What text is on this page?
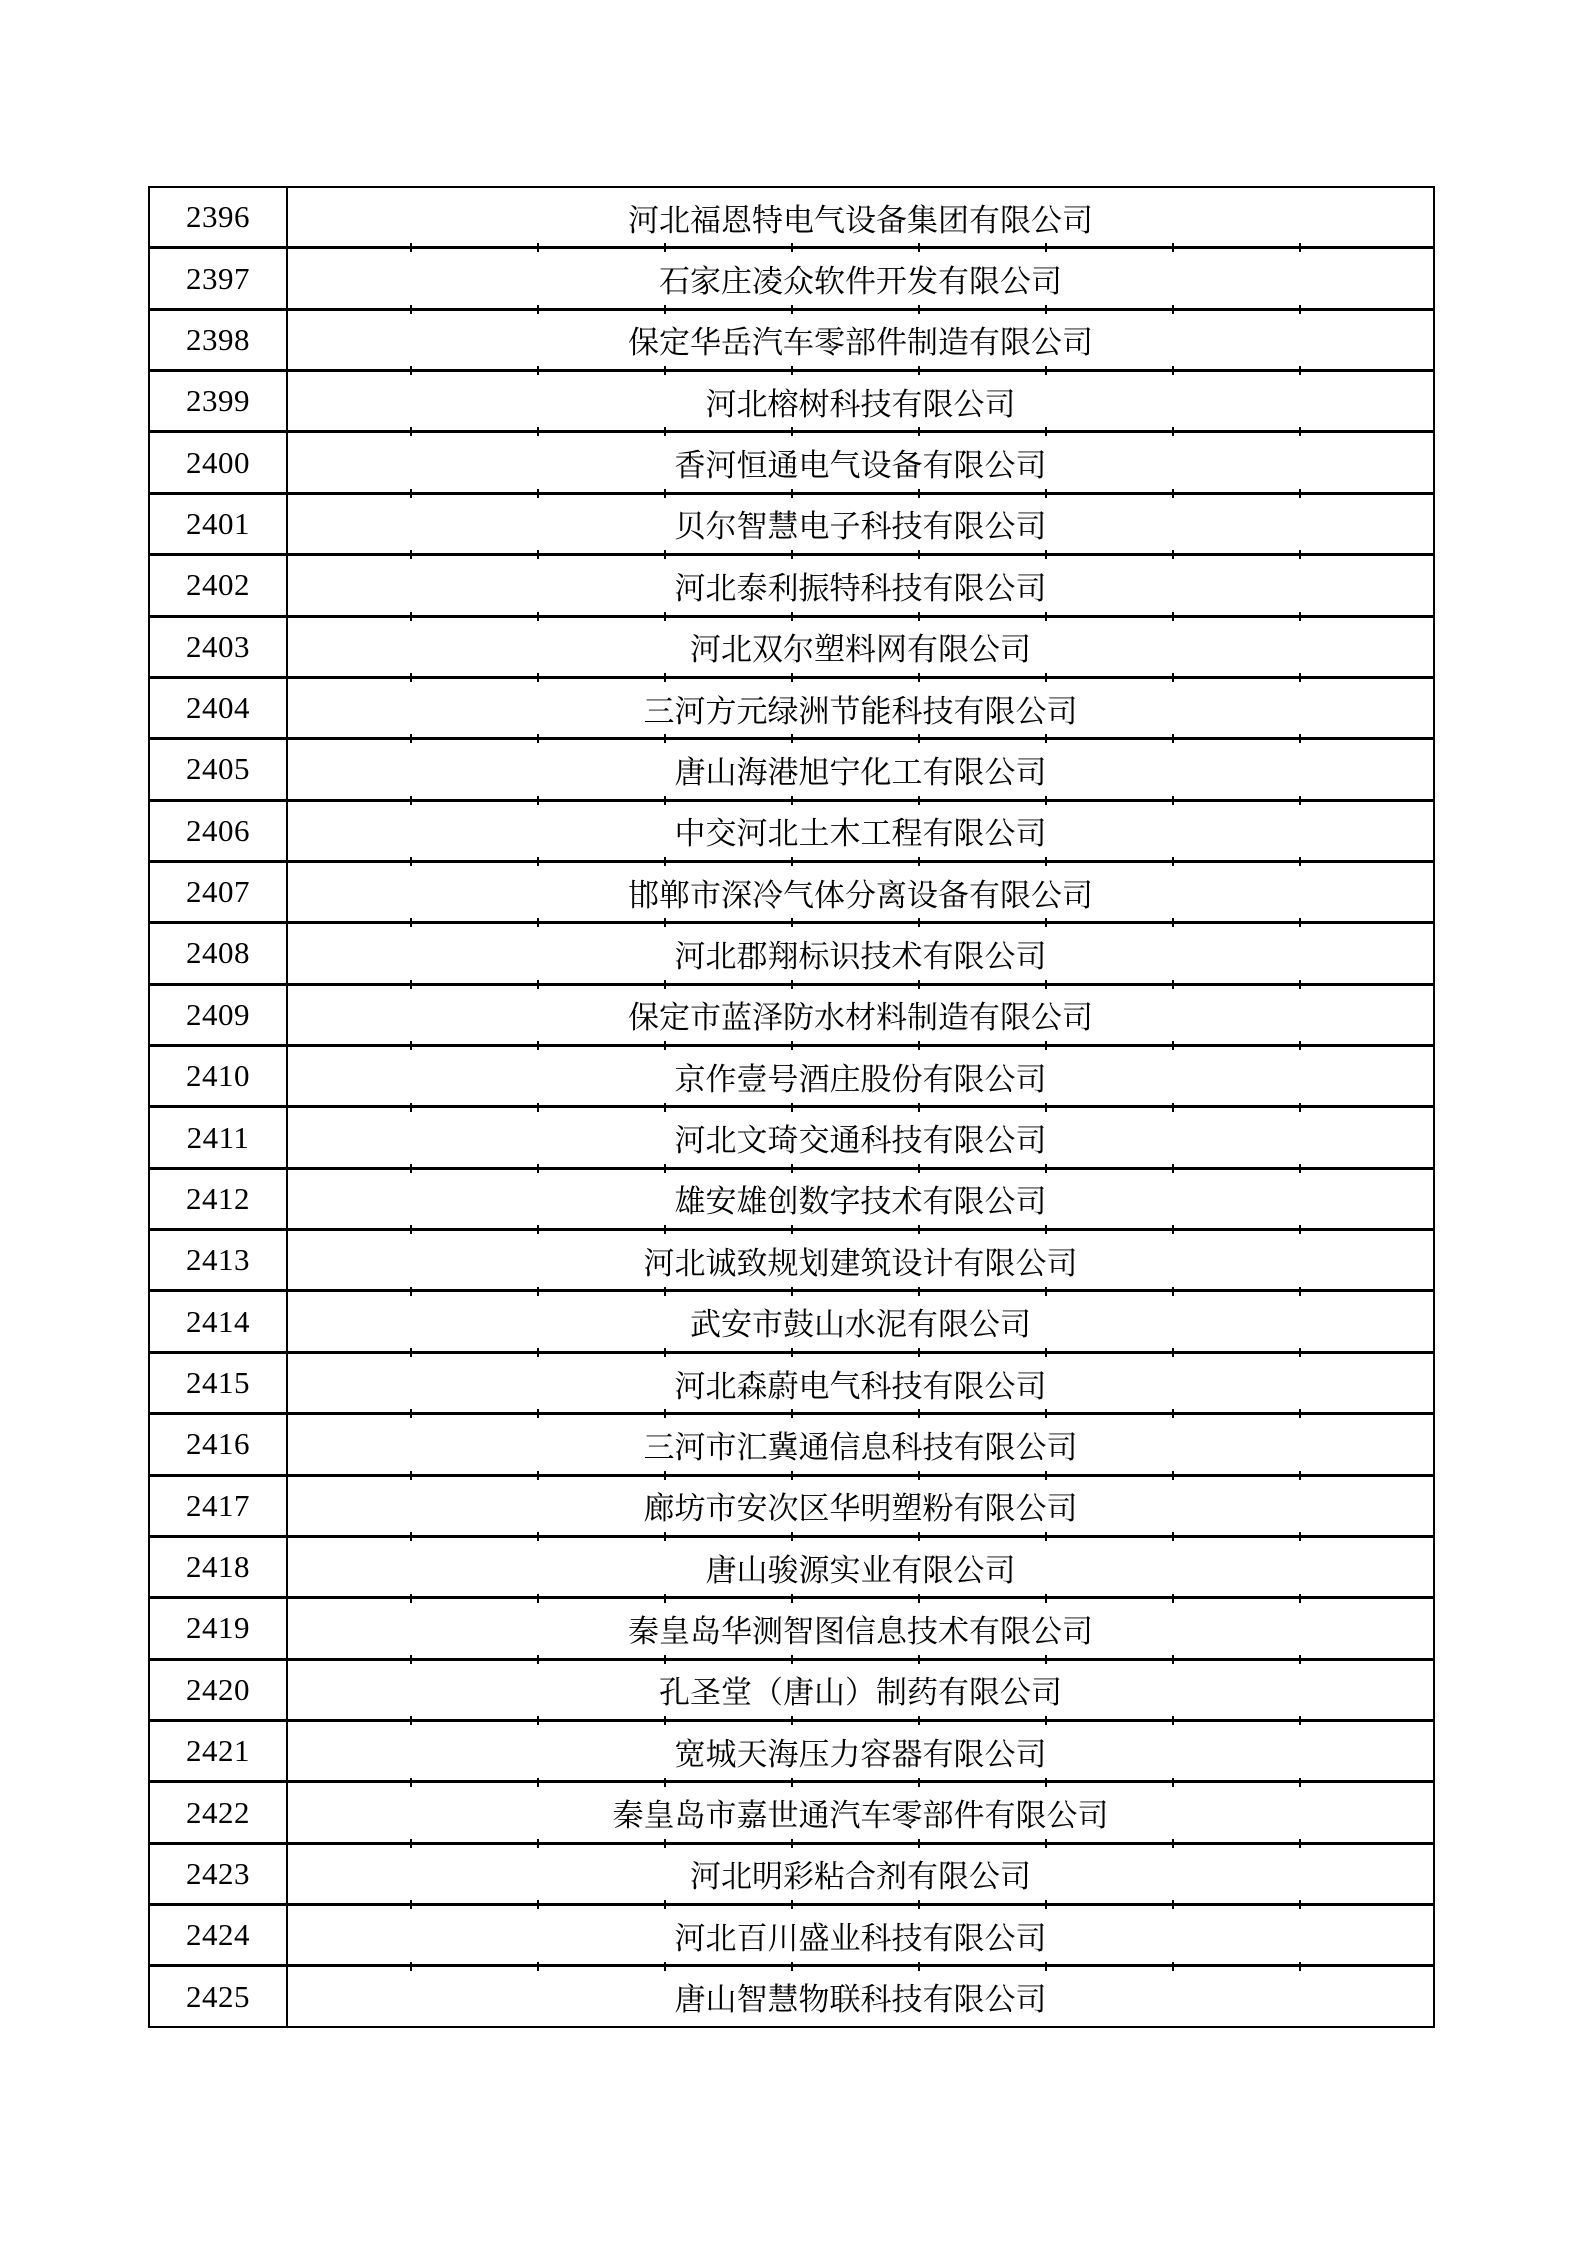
2396	河北福恩特电气设备集团有限公司
2397	石家庄凌众软件开发有限公司
2398	保定华岳汽车零部件制造有限公司
2399	河北榕树科技有限公司
2400	香河恒通电气设备有限公司
2401	贝尔智慧电子科技有限公司
2402	河北泰利振特科技有限公司
2403	河北双尔塑料网有限公司
2404	三河方元绿洲节能科技有限公司
2405	唐山海港旭宁化工有限公司
2406	中交河北土木工程有限公司
2407	邯郸市深冷气体分离设备有限公司
2408	河北郡翔标识技术有限公司
2409	保定市蓝泽防水材料制造有限公司
2410	京作壹号酒庄股份有限公司
2411	河北文琦交通科技有限公司
2412	雄安雄创数字技术有限公司
2413	河北诚致规划建筑设计有限公司
2414	武安市鼓山水泥有限公司
2415	河北森蔚电气科技有限公司
2416	三河市汇冀通信息科技有限公司
2417	廊坊市安次区华明塑粉有限公司
2418	唐山骏源实业有限公司
2419	秦皇岛华测智图信息技术有限公司
2420	孔圣堂（唐山）制药有限公司
2421	宽城天海压力容器有限公司
2422	秦皇岛市嘉世通汽车零部件有限公司
2423	河北明彩粘合剂有限公司
2424	河北百川盛业科技有限公司
2425	唐山智慧物联科技有限公司
